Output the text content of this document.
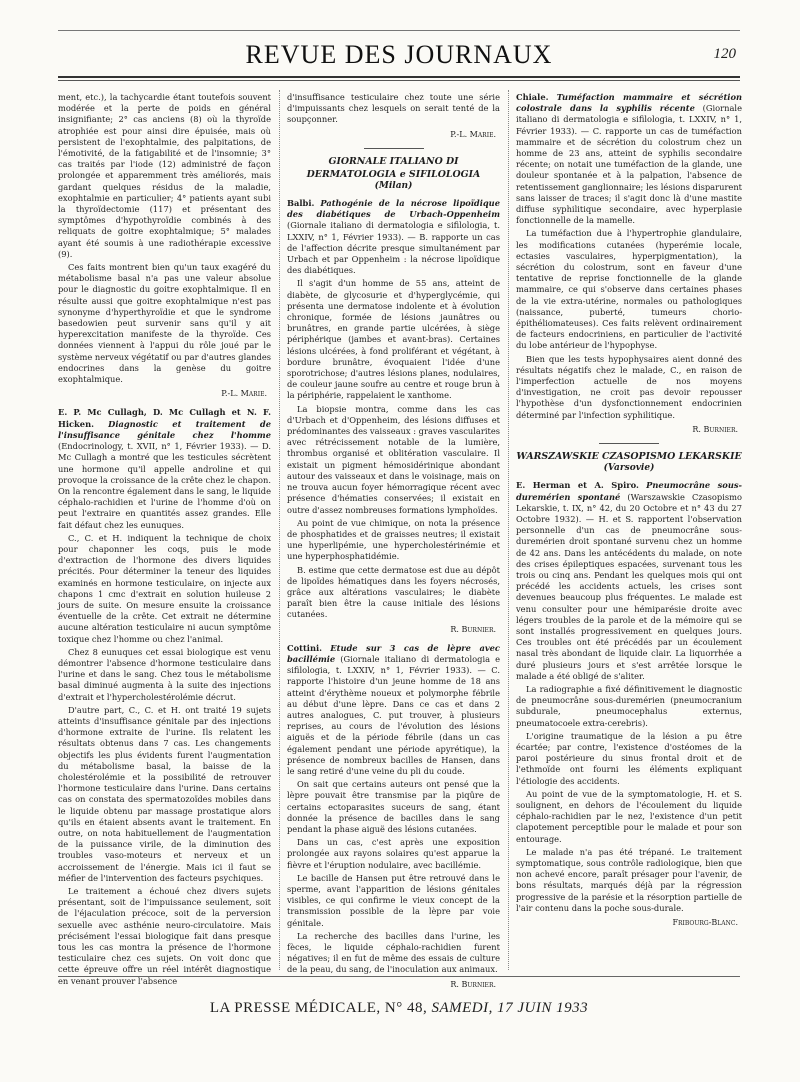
REVUE DES JOURNAUX	120

ment, etc.), la tachycardie étant toutefois souvent modérée et la perte de poids en général insignifiante; 2° cas anciens (8) où la thyroïde atrophiée est pour ainsi dire épuisée, mais où persistent de l'exophtalmie, des palpitations, de l'émotivité, de la fatigabilité et de l'insomnie; 3° cas traités par l'iode (12) administré de façon prolongée et apparemment très améliorés, mais gardant quelques résidus de la maladie, exophtalmie en particulier; 4° patients ayant subi la thyroïdectomie (117) et présentant des symptômes d'hypothyroïdie combinés à des reliquats de goitre exophtalmique; 5° malades ayant été soumis à une radiothérapie excessive (9).

Ces faits montrent bien qu'un taux exagéré du métabolisme basal n'a pas une valeur absolue pour le diagnostic du goitre exophtalmique. Il en résulte aussi que goitre exophtalmique n'est pas synonyme d'hyperthyroïdie et que le syndrome basedowien peut survenir sans qu'il y ait hyperexcitation manifeste de la thyroïde. Ces données viennent à l'appui du rôle joué par le système nerveux végétatif ou par d'autres glandes endocrines dans la genèse du goitre exophtalmique.

P.-L. Marie.

E. P. Mc Cullagh, D. Mc Cullagh et N. F. Hicken. Diagnostic et traitement de l'insuffisance génitale chez l'homme (Endocrinology, t. XVII, n° 1, Février 1933). — D. Mc Cullagh a montré que les testicules sécrètent une hormone qu'il appelle androline et qui provoque la croissance de la crête chez le chapon. On la rencontre également dans le sang, le liquide céphalo-rachidien et l'urine de l'homme d'où on peut l'extraire en quantités assez grandes. Elle fait défaut chez les eunuques.

C., C. et H. indiquent la technique de choix pour chaponner les coqs, puis le mode d'extraction de l'hormone des divers liquides précités. Pour déterminer la teneur des liquides examinés en hormone testiculaire, on injecte aux chapons 1 cmc d'extrait en solution huileuse 2 jours de suite. On mesure ensuite la croissance éventuelle de la crête. Cet extrait ne détermine aucune altération testiculaire ni aucun symptôme toxique chez l'homme ou chez l'animal.

Chez 8 eunuques cet essai biologique est venu démontrer l'absence d'hormone testiculaire dans l'urine et dans le sang. Chez tous le métabolisme basal diminué augmenta à la suite des injections d'extrait et l'hypercholestérolémie décrut.

D'autre part, C., C. et H. ont traité 19 sujets atteints d'insuffisance génitale par des injections d'hormone extraite de l'urine. Ils relatent les résultats obtenus dans 7 cas. Les changements objectifs les plus évidents furent l'augmentation du métabolisme basal, la baisse de la cholestérolémie et la possibilité de retrouver l'hormone testiculaire dans l'urine. Dans certains cas on constata des spermatozoïdes mobiles dans le liquide obtenu par massage prostatique alors qu'ils en étaient absents avant le traitement. En outre, on nota habituellement de l'augmentation de la puissance virile, de la diminution des troubles vaso-moteurs et nerveux et un accroissement de l'énergie. Mais ici il faut se méfier de l'intervention des facteurs psychiques.

Le traitement a échoué chez divers sujets présentant, soit de l'impuissance seulement, soit de l'éjaculation précoce, soit de la perversion sexuelle avec asthénie neuro-circulatoire. Mais précisément l'essai biologique fait dans presque tous les cas montra la présence de l'hormone testiculaire chez ces sujets. On voit donc que cette épreuve offre un réel intérêt diagnostique en venant prouver l'absence

d'insuffisance testiculaire chez toute une série d'impuissants chez lesquels on serait tenté de la soupçonner.

P.-L. Marie.
GIORNALE ITALIANO DI DERMATOLOGIA e SIFILOLOGIA
(Milan)

Balbi. Pathogénie de la nécrose lipoïdique des diabétiques de Urbach-Oppenheim (Giornale italiano di dermatologia e sifilologia, t. LXXIV, n° 1, Février 1933). — B. rapporte un cas de l'affection décrite presque simultanément par Urbach et par Oppenheim : la nécrose lipoïdique des diabétiques.

Il s'agit d'un homme de 55 ans, atteint de diabète, de glycosurie et d'hyperglycémie, qui présenta une dermatose indolente et à évolution chronique, formée de lésions jaunâtres ou brunâtres, en grande partie ulcérées, à siège périphérique (jambes et avant-bras). Certaines lésions ulcérées, à fond proliférant et végétant, à bordure brunâtre, évoquaient l'idée d'une sporotrichose; d'autres lésions planes, nodulaires, de couleur jaune soufre au centre et rouge brun à la périphérie, rappelaient le xanthome.

La biopsie montra, comme dans les cas d'Urbach et d'Oppenheim, des lésions diffuses et prédominantes des vaisseaux : graves vascularites avec rétrécissement notable de la lumière, thrombus organisé et oblitération vasculaire. Il existait un pigment hémosidérinique abondant autour des vaisseaux et dans le voisinage, mais on ne trouva aucun foyer hémorragique récent avec présence d'hématies conservées; il existait en outre d'assez nombreuses formations lymphoïdes.

Au point de vue chimique, on nota la présence de phosphatides et de graisses neutres; il existait une hyperlipémie, une hypercholestérinémie et une hyperphosphatidémie.

B. estime que cette dermatose est due au dépôt de lipoïdes hématiques dans les foyers nécrosés, grâce aux altérations vasculaires; le diabète paraît bien être la cause initiale des lésions cutanées.

R. Burnier.

Cottini. Etude sur 3 cas de lèpre avec bacillémie (Giornale italiano di dermatologia e sifilologia, t. LXXIV, n° 1, Février 1933). — C. rapporte l'histoire d'un jeune homme de 18 ans atteint d'érythème noueux et polymorphe fébrile au début d'une lèpre. Dans ce cas et dans 2 autres analogues, C. put trouver, à plusieurs reprises, au cours de l'évolution des lésions aiguës et de la période fébrile (dans un cas également pendant une période apyrétique), la présence de nombreux bacilles de Hansen, dans le sang retiré d'une veine du pli du coude.

On sait que certains auteurs ont pensé que la lèpre pouvait être transmise par la piqûre de certains ectoparasites suceurs de sang, étant donnée la présence de bacilles dans le sang pendant la phase aiguë des lésions cutanées.

Dans un cas, c'est après une exposition prolongée aux rayons solaires qu'est apparue la fièvre et l'éruption nodulaire, avec bacillémie.

Le bacille de Hansen put être retrouvé dans le sperme, avant l'apparition de lésions génitales visibles, ce qui confirme le vieux concept de la transmission possible de la lèpre par voie génitale.

La recherche des bacilles dans l'urine, les fèces, le liquide céphalo-rachidien furent négatives; il en fut de même des essais de culture de la peau, du sang, de l'inoculation aux animaux.

R. Burnier.

Chiale. Tuméfaction mammaire et sécrétion colostrale dans la syphilis récente (Giornale italiano di dermatologia e sifilologia, t. LXXIV, n° 1, Février 1933). — C. rapporte un cas de tuméfaction mammaire et de sécrétion du colostrum chez un homme de 23 ans, atteint de syphilis secondaire récente; on notait une tuméfaction de la glande, une douleur spontanée et à la palpation, l'absence de retentissement ganglionnaire; les lésions disparurent sans laisser de traces; il s'agit donc là d'une mastite diffuse syphilitique secondaire, avec hyperplasie fonctionnelle de la mamelle.

La tuméfaction due à l'hypertrophie glandulaire, les modifications cutanées (hyperémie locale, ectasies vasculaires, hyperpigmentation), la sécrétion du colostrum, sont en faveur d'une tentative de reprise fonctionnelle de la glande mammaire, ce qui s'observe dans certaines phases de la vie extra-utérine, normales ou pathologiques (naissance, puberté, tumeurs chorio-épithéliomateuses). Ces faits relèvent ordinairement de facteurs endocriniens, en particulier de l'activité du lobe antérieur de l'hypophyse.

Bien que les tests hypophysaires aient donné des résultats négatifs chez le malade, C., en raison de l'imperfection actuelle de nos moyens d'investigation, ne croit pas devoir repousser l'hypothèse d'un dysfonctionnement endocrinien déterminé par l'infection syphilitique.

R. Burnier.
WARSZAWSKIE CZASOPISMO LEKARSKIE
(Varsovie)

E. Herman et A. Spiro. Pneumocrâne sous-duremérien spontané (Warszawskie Czasopismo Lekarskie, t. IX, n° 42, du 20 Octobre et n° 43 du 27 Octobre 1932). — H. et S. rapportent l'observation personnelle d'un cas de pneumocrâne sous-duremérien droit spontané survenu chez un homme de 42 ans. Dans les antécédents du malade, on note des crises épileptiques espacées, survenant tous les trois ou cinq ans. Pendant les quelques mois qui ont précédé les accidents actuels, les crises sont devenues beaucoup plus fréquentes. Le malade est venu consulter pour une hémiparésie droite avec légers troubles de la parole et de la mémoire qui se sont installés progressivement en quelques jours. Ces troubles ont été précédés par un écoulement nasal très abondant de liquide clair. La liquorrhée a duré plusieurs jours et s'est arrêtée lorsque le malade a été obligé de s'aliter.

La radiographie a fixé définitivement le diagnostic de pneumocrâne sous-duremérien (pneumocranium subdurale, pneumocephalus externus, pneumatocoele extra-cerebris).

L'origine traumatique de la lésion a pu être écartée; par contre, l'existence d'ostéomes de la paroi postérieure du sinus frontal droit et de l'ethmoïde ont fourni les éléments expliquant l'étiologie des accidents.

Au point de vue de la symptomatologie, H. et S. soulignent, en dehors de l'écoulement du liquide céphalo-rachidien par le nez, l'existence d'un petit clapotement perceptible pour le malade et pour son entourage.

Le malade n'a pas été trépané. Le traitement symptomatique, sous contrôle radiologique, bien que non achevé encore, paraît présager pour l'avenir, de bons résultats, marqués déjà par la régression progressive de la parésie et la résorption partielle de l'air contenu dans la poche sous-durale.

Fribourg-Blanc.
LA PRESSE MÉDICALE, N° 48, SAMEDI, 17 JUIN 1933
